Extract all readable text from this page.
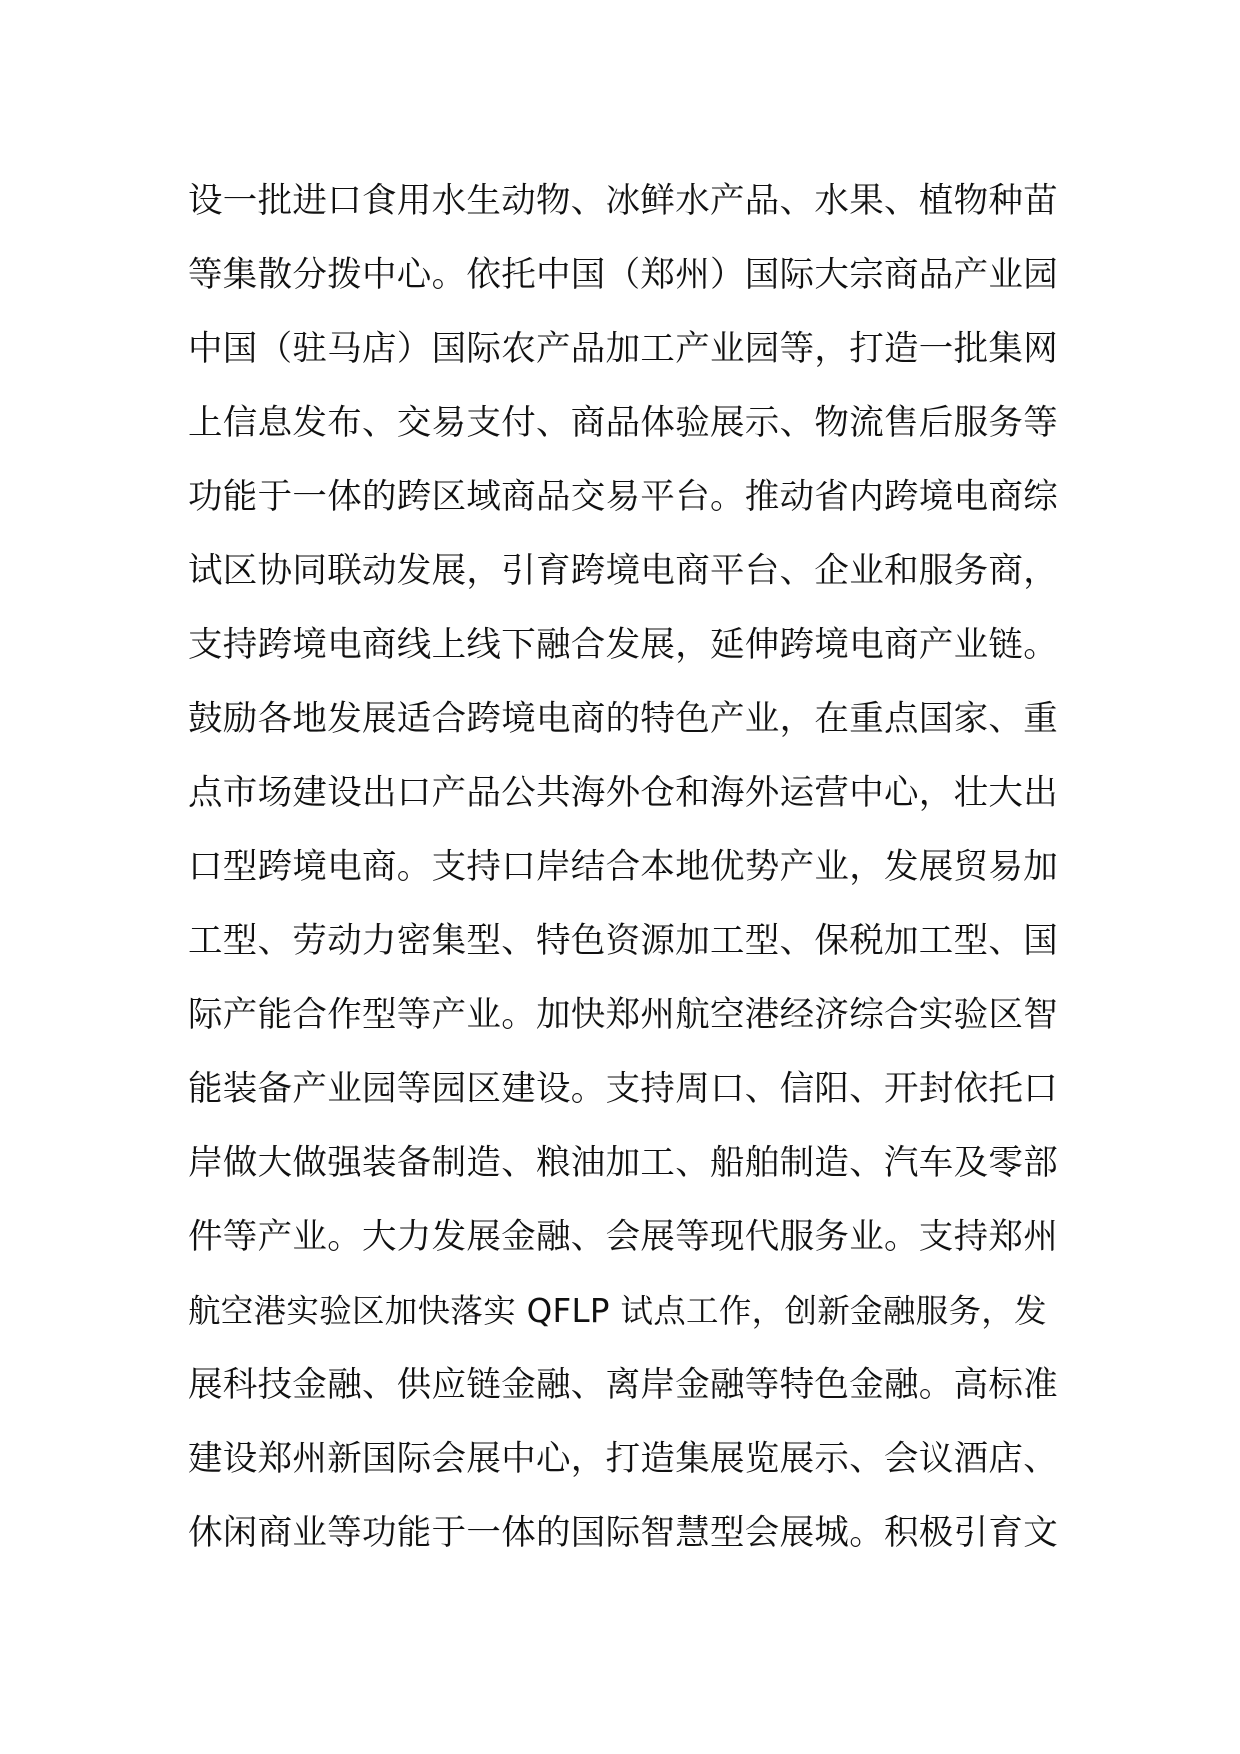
设一批进口食用水生动物、冰鲜水产品、水果、植物种苗
等集散分拨中心。依托中国（郑州）国际大宗商品产业园
中国（驻马店）国际农产品加工产业园等，打造一批集网
上信息发布、交易支付、商品体验展示、物流售后服务等
功能于一体的跨区域商品交易平台。推动省内跨境电商综
试区协同联动发展，引育跨境电商平台、企业和服务商，
支持跨境电商线上线下融合发展，延伸跨境电商产业链。
鼓励各地发展适合跨境电商的特色产业，在重点国家、重
点市场建设出口产品公共海外仓和海外运营中心，壮大出
口型跨境电商。支持口岸结合本地优势产业，发展贸易加
工型、劳动力密集型、特色资源加工型、保税加工型、国
际产能合作型等产业。加快郑州航空港经济综合实验区智
能装备产业园等园区建设。支持周口、信阳、开封依托口
岸做大做强装备制造、粮油加工、船舶制造、汽车及零部
件等产业。大力发展金融、会展等现代服务业。支持郑州
航空港实验区加快落实 QFLP 试点工作，创新金融服务，发
展科技金融、供应链金融、离岸金融等特色金融。高标准
建设郑州新国际会展中心，打造集展览展示、会议酒店、
休闲商业等功能于一体的国际智慧型会展城。积极引育文
